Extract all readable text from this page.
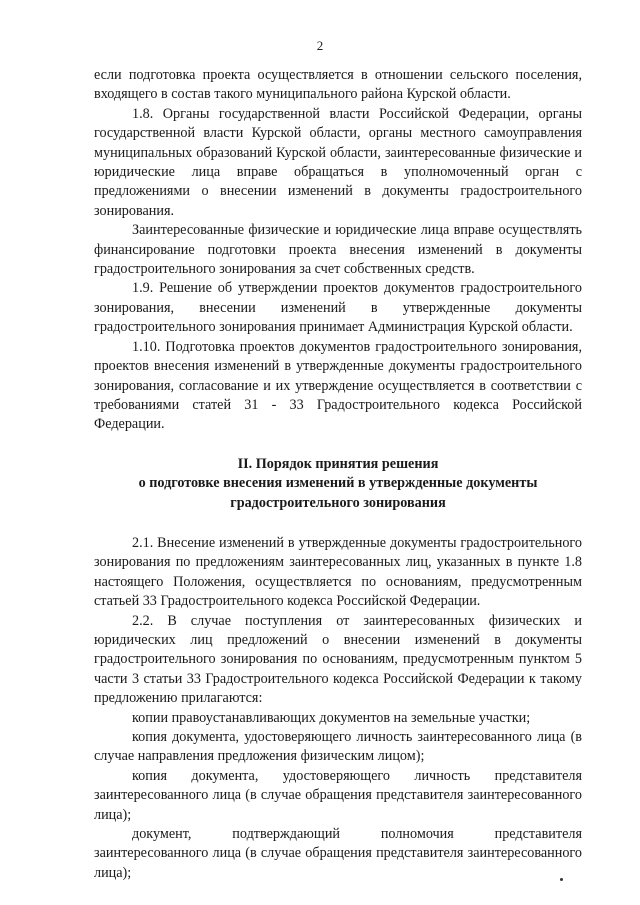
2

если подготовка проекта осуществляется в отношении сельского поселения, входящего в состав такого муниципального района Курской области.

1.8. Органы государственной власти Российской Федерации, органы государственной власти Курской области, органы местного самоуправления муниципальных образований Курской области, заинтересованные физические и юридические лица вправе обращаться в уполномоченный орган с предложениями о внесении изменений в документы градостроительного зонирования.

Заинтересованные физические и юридические лица вправе осуществлять финансирование подготовки проекта внесения изменений в документы градостроительного зонирования за счет собственных средств.

1.9. Решение об утверждении проектов документов градостроительного зонирования, внесении изменений в утвержденные документы градостроительного зонирования принимает Администрация Курской области.

1.10. Подготовка проектов документов градостроительного зонирования, проектов внесения изменений в утвержденные документы градостроительного зонирования, согласование и их утверждение осуществляется в соответствии с требованиями статей 31 - 33 Градостроительного кодекса Российской Федерации.

II. Порядок принятия решения
о подготовке внесения изменений в утвержденные документы
градостроительного зонирования

2.1. Внесение изменений в утвержденные документы градостроительного зонирования по предложениям заинтересованных лиц, указанных в пункте 1.8 настоящего Положения, осуществляется по основаниям, предусмотренным статьей 33 Градостроительного кодекса Российской Федерации.

2.2. В случае поступления от заинтересованных физических и юридических лиц предложений о внесении изменений в документы градостроительного зонирования по основаниям, предусмотренным пунктом 5 части 3 статьи 33 Градостроительного кодекса Российской Федерации к такому предложению прилагаются:

копии правоустанавливающих документов на земельные участки;

копия документа, удостоверяющего личность заинтересованного лица (в случае направления предложения физическим лицом);

копия документа, удостоверяющего личность представителя заинтересованного лица (в случае обращения представителя заинтересованного лица);

документ, подтверждающий полномочия представителя заинтересованного лица (в случае обращения представителя заинтересованного лица);
